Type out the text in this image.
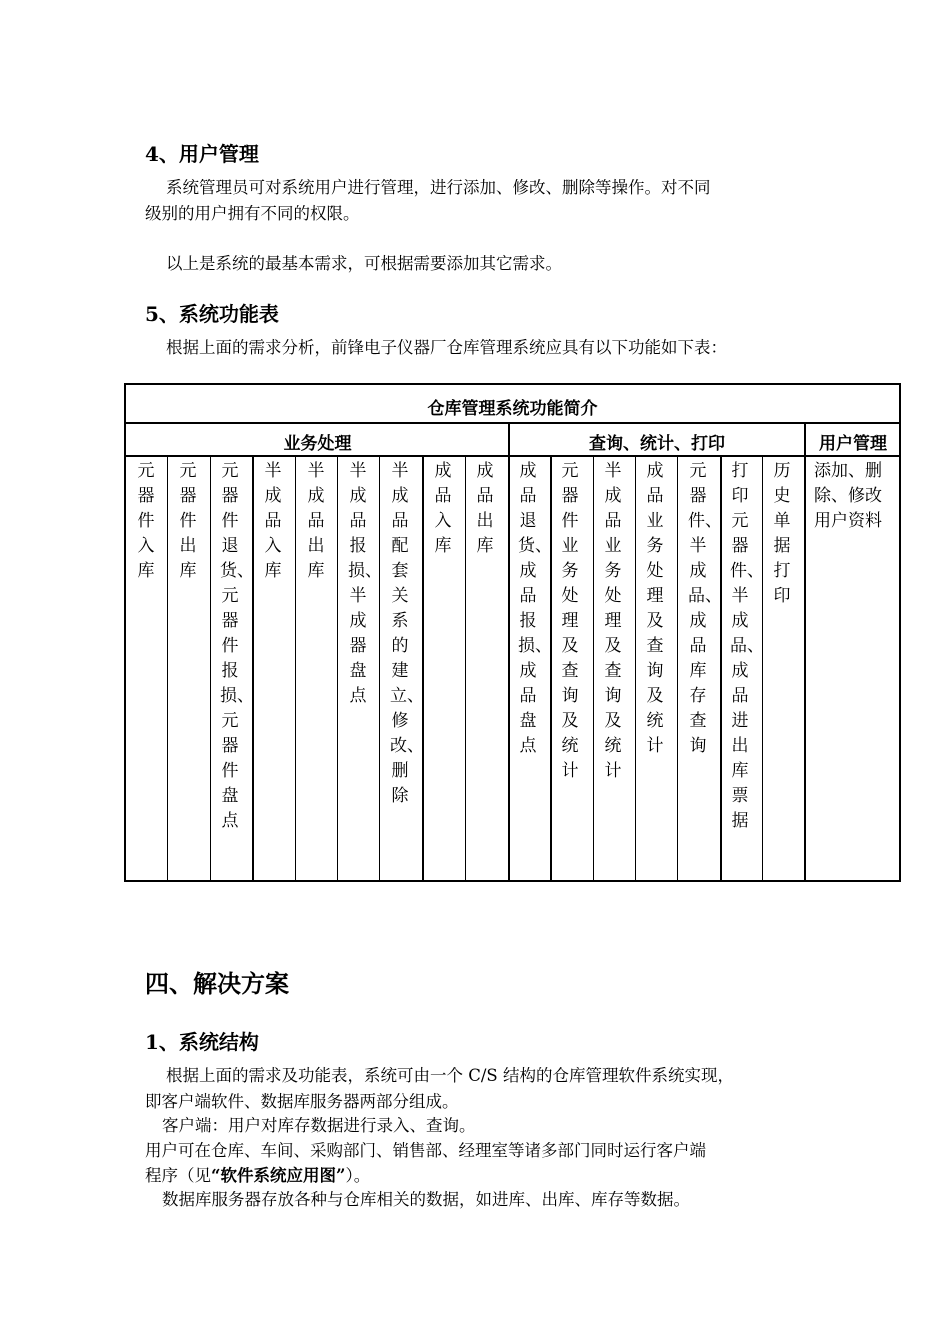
4、用户管理
系统管理员可对系统用户进行管理，进行添加、修改、删除等操作。对不同
级别的用户拥有不同的权限。
以上是系统的最基本需求，可根据需要添加其它需求。
5、系统功能表
根据上面的需求分析，前锋电子仪器厂仓库管理系统应具有以下功能如下表：
仓库管理系统功能简介
业务处理	查询、统计、打印	用户管理
元器件入库
元器件出库
元器件退货、元器件报损、元器件盘点
半成品入库
半成品出库
半成品报损、半成器盘点
半成品配套关系的建立、修改、删除
成品入库
成品出库
成品退货、成品报损、成品盘点
元器件业务处理及查询及统计
半成品业务处理及查询及统计
成品业务处理及查询及统计
元器件、半成品、成品库存查询
打印元器件、半成品、成品进出库票据
历史单据打印
添加、删除、修改用户资料
四、解决方案
1、系统结构
根据上面的需求及功能表，系统可由一个 C/S 结构的仓库管理软件系统实现，
即客户端软件、数据库服务器两部分组成。
客户端：用户对库存数据进行录入、查询。
用户可在仓库、车间、采购部门、销售部、经理室等诸多部门同时运行客户端
程序（见“软件系统应用图”）。
数据库服务器存放各种与仓库相关的数据，如进库、出库、库存等数据。
